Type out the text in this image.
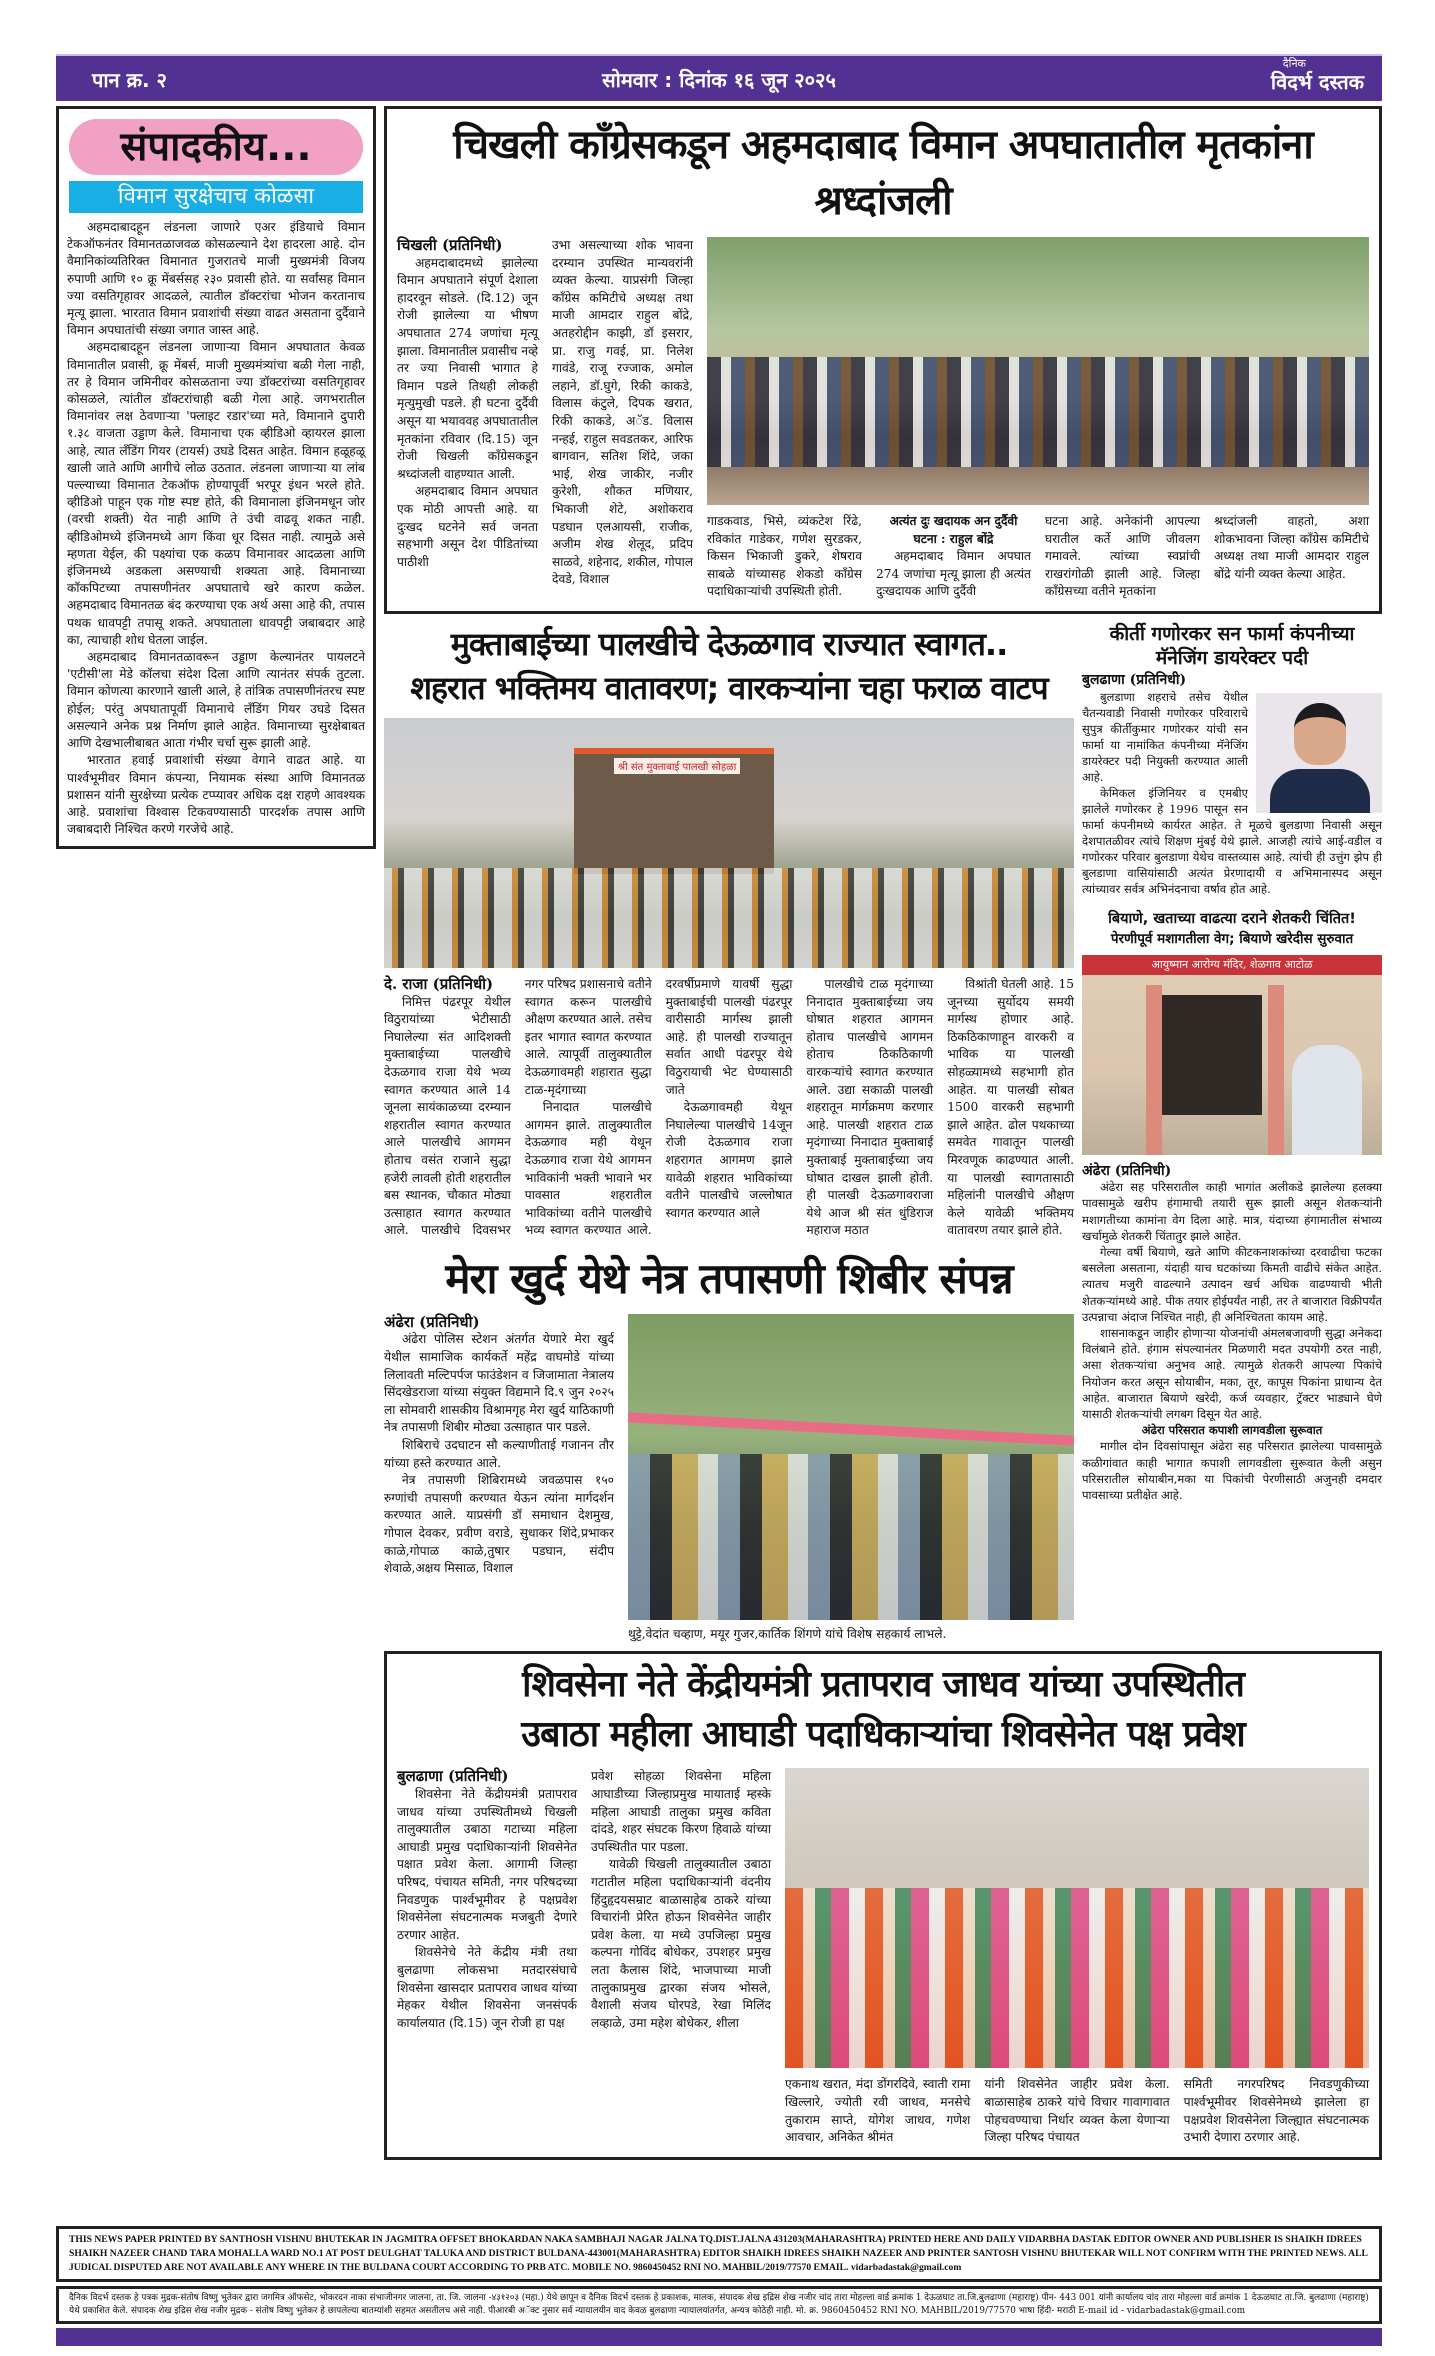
पान क्र. २	सोमवार : दिनांक १६ जून २०२५
दैनिक
विदर्भ दस्तक
संपादकीय...
विमान सुरक्षेचाच कोळसा

अहमदाबादहून लंडनला जाणारे एअर इंडियाचे विमान टेकऑफनंतर विमानतळाजवळ कोसळल्याने देश हादरला आहे. दोन वैमानिकांव्यतिरिक्त विमानात गुजरातचे माजी मुख्यमंत्री विजय रुपाणी आणि १० क्रू मेंबर्ससह २३० प्रवासी होते. या सर्वांसह विमान ज्या वसतिगृहावर आदळले, त्यातील डॉक्टरांचा भोजन करतानाच मृत्यू झाला. भारतात विमान प्रवाशांची संख्या वाढत असताना दुर्दैवाने विमान अपघातांची संख्या जगात जास्त आहे.

अहमदाबादहून लंडनला जाणाऱ्या विमान अपघातात केवळ विमानातील प्रवासी, क्रू मेंबर्स, माजी मुख्यमंत्र्यांचा बळी गेला नाही, तर हे विमान जमिनीवर कोसळताना ज्या डॉक्टरांच्या वसतिगृहावर कोसळले, त्यांतील डॉक्टरांचाही बळी गेला आहे. जगभरातील विमानांवर लक्ष ठेवणाऱ्या 'फ्लाइट रडार'च्या मते, विमानाने दुपारी १.३८ वाजता उड्डाण केले. विमानाचा एक व्हीडिओ व्हायरल झाला आहे, त्यात लँडिंग गियर (टायर्स) उघडे दिसत आहेत. विमान हळूहळू खाली जाते आणि आगीचे लोळ उठतात. लंडनला जाणाऱ्या या लांब पल्ल्याच्या विमानात टेकऑफ होण्यापूर्वी भरपूर इंधन भरले होते. व्हीडिओ पाहून एक गोष्ट स्पष्ट होते, की विमानाला इंजिनमधून जोर (वरची शक्ती) येत नाही आणि ते उंची वाढवू शकत नाही. व्हीडिओमध्ये इंजिनमध्ये आग किंवा धूर दिसत नाही. त्यामुळे असे म्हणता येईल, की पक्ष्यांचा एक कळप विमानावर आदळला आणि इंजिनमध्ये अडकला असण्याची शक्यता आहे. विमानाच्या कॉकपिटच्या तपासणीनंतर अपघाताचे खरे कारण कळेल. अहमदाबाद विमानतळ बंद करण्याचा एक अर्थ असा आहे की, तपास पथक धावपट्टी तपासू शकते. अपघाताला धावपट्टी जबाबदार आहे का, त्याचाही शोध घेतला जाईल.

अहमदाबाद विमानतळावरून उड्डाण केल्यानंतर पायलटने 'एटीसी'ला मेडे कॉलचा संदेश दिला आणि त्यानंतर संपर्क तुटला. विमान कोणत्या कारणाने खाली आले, हे तांत्रिक तपासणीनंतरच स्पष्ट होईल; परंतु अपघातापूर्वी विमानाचे लँडिंग गियर उघडे दिसत असल्याने अनेक प्रश्न निर्माण झाले आहेत. विमानाच्या सुरक्षेबाबत आणि देखभालीबाबत आता गंभीर चर्चा सुरू झाली आहे.

भारतात हवाई प्रवाशांची संख्या वेगाने वाढत आहे. या पार्श्वभूमीवर विमान कंपन्या, नियामक संस्था आणि विमानतळ प्रशासन यांनी सुरक्षेच्या प्रत्येक टप्प्यावर अधिक दक्ष राहणे आवश्यक आहे. प्रवाशांचा विश्वास टिकवण्यासाठी पारदर्शक तपास आणि जबाबदारी निश्चित करणे गरजेचे आहे.

चिखली काँग्रेसकडून अहमदाबाद विमान अपघातातील मृतकांना श्रध्दांजली
चिखली (प्रतिनिधी)

अहमदाबादमध्ये झालेल्या विमान अपघाताने संपूर्ण देशाला हादरवून सोडले. (दि.12) जून रोजी झालेल्या या भीषण अपघातात 274 जणांचा मृत्यू झाला. विमानातील प्रवासीच नव्हे तर ज्या निवासी भागात हे विमान पडले तिथही लोकही मृत्युमुखी पडले. ही घटना दुर्दैवी असून या भयाववह अपघातातील मृतकांना रविवार (दि.15) जून रोजी चिखली काँग्रेसकडून श्रध्दांजली वाहण्यात आली.

अहमदाबाद विमान अपघात एक मोठी आपत्ती आहे. या दुःखद घटनेने सर्व जनता सहभागी असून देश पीडितांच्या पाठीशी

उभा असल्याच्या शोक भावना दरम्यान उपस्थित मान्यवरांनी व्यक्त केल्या. याप्रसंगी जिल्हा काँग्रेस कमिटीचे अध्यक्ष तथा माजी आमदार राहुल बोंद्रे, अतहरोद्दीन काझी, डॉ इसरार, प्रा. राजु गवई, प्रा. निलेश गावंडे, राजू रज्जाक, अमोल लहाने, डॉ.घुगे, रिकी काकडे, विलास कंटुले, दिपक खरात, रिकी काकडे, अॅड. विलास नन्हई, राहुल सवडतकर, आरिफ बागवान, सतिश शिंदे, जका भाई, शेख जाकीर, नजीर कुरेशी, शौकत मणियार, भिकाजी शेटे, अशोकराव पडघान एलआयसी, राजीक, अजीम शेख शेलूद, प्रदिप साळवे, शहेनाद, शकील, गोपाल देवडे, विशाल

गाडकवाड, भिसे, व्यंकटेश रिंढे, रविकांत गाडेकर, गणेश सुरडकर, किसन भिकाजी डुकरे, शेषराव साबळे यांच्यासह शेकडो काँग्रेस पदाधिकाऱ्यांची उपस्थिती होती.

अत्यंत दुः खदायक अन दुर्दैवी घटना : राहुल बोंद्रे

अहमदाबाद विमान अपघात 274 जणांचा मृत्यू झाला ही अत्यंत दुःखदायक आणि दुर्दैवी

घटना आहे. अनेकांनी आपल्या घरातील कर्ते आणि जीवलग गमावले. त्यांच्या स्वप्नांची राखरांगोळी झाली आहे. जिल्हा काँग्रेसच्या वतीने मृतकांना

श्रध्दांजली वाहतो, अशा शोकभावना जिल्हा काँग्रेस कमिटीचे अध्यक्ष तथा माजी आमदार राहुल बोंद्रे यांनी व्यक्त केल्या आहेत.

मुक्ताबाईच्या पालखीचे देऊळगाव राज्यात स्वागत..
शहरात भक्तिमय वातावरण; वारकऱ्यांना चहा फराळ वाटप
श्री संत मुक्ताबाई पालखी सोहळा
दे. राजा (प्रतिनिधी)

निमित्त पंढरपूर येथील विठुरायांच्या भेटीसाठी निघालेल्या संत आदिशक्ती मुक्ताबाईच्या पालखीचे देऊळगाव राजा येथे भव्य स्वागत करण्यात आले 14 जूनला सायंकाळच्या दरम्यान शहरातील स्वागत करण्यात आले पालखीचे आगमन होताच वसंत राजाने सुद्धा हजेरी लावली होती शहरातील बस स्थानक, चौकात मोठ्या उत्साहात स्वागत करण्यात आले. पालखीचे दिवसभर नगर परिषद प्रशासनाचे वतीने स्वागत करून पालखीचे औक्षण करण्यात आले. तसेच इतर भागात स्वागत करण्यात आले. त्यापूर्वी तालुक्यातील देऊळगावमही शहारात सुद्धा टाळ-मृदंगाच्या

निनादात पालखीचे आगमन झाले. तालुक्यातील देऊळगाव मही येथून देऊळगाव राजा येथे आगमन भाविकांनी भक्ती भावाने भर पावसात शहरातील भाविकांच्या वतीने पालखीचे भव्य स्वागत करण्यात आले. दरवर्षीप्रमाणे यावर्षी सुद्धा मुक्ताबाईची पालखी पंढरपूर वारीसाठी मार्गस्थ झाली आहे. ही पालखी राज्यातून सर्वात आधी पंढरपूर येथे विठुरायाची भेट घेण्यासाठी जाते

देऊळगावमही येथून निघालेल्या पालखीचे 14जून रोजी देऊळगाव राजा शहरागत आगमण झाले यावेळी शहरात भाविकांच्या वतीने पालखीचे जल्लोषात स्वागत करण्यात आले

पालखीचे टाळ मृदंगाच्या निनादात मुक्ताबाईच्या जय घोषात शहरात आगमन होताच पालखीचे आगमन होताच ठिकठिकाणी वारकऱ्यांचे स्वागत करण्यात आले. उद्या सकाळी पालखी शहरातून मार्गक्रमण करणार आहे. पालखी शहरात टाळ मृदंगाच्या निनादात मुक्ताबाई मुक्ताबाई मुक्ताबाईच्या जय घोषात दाखल झाली होती. ही पालखी देऊळगावराजा येथे आज श्री संत धुंडिराज महाराज मठात

विश्रांती घेतली आहे. 15 जूनच्या सुर्योदय समयी मार्गस्थ होणार आहे. ठिकठिकाणाहून वारकरी व भाविक या पालखी सोहळ्यामध्ये सहभागी होत आहेत. या पालखी सोबत 1500 वारकरी सहभागी झाले आहेत. ढोल पथकाच्या समवेत गावातून पालखी मिरवणूक काढण्यात आली. या पालखी स्वागतासाठी महिलांनी पालखीचे औक्षण केले यावेळी भक्तिमय वातावरण तयार झाले होते.

मेरा खुर्द येथे नेत्र तपासणी शिबीर संपन्न
अंढेरा (प्रतिनिधी)

अंढेरा पोलिस स्टेशन अंतर्गत येणारे मेरा खुर्द येथील सामाजिक कार्यकर्ते महेंद्र वाघमोडे यांच्या लिलावती मल्टिपर्पज फाउंडेशन व जिजामाता नेत्रालय सिंदखेडराजा यांच्या संयुक्त विद्यमाने दि.९ जुन २०२५ ला सोमवारी शासकीय विश्रामगृह मेरा खुर्द याठिकाणी नेत्र तपासणी शिबीर मोठ्या उत्साहात पार पडले.

शिबिराचे उदघाटन सौ कल्याणीताई गजानन तौर यांच्या हस्ते करण्यात आले.

नेत्र तपासणी शिबिरामध्ये जवळपास १५० रुग्णांची तपासणी करण्यात येऊन त्यांना मार्गदर्शन करण्यात आले. याप्रसंगी डॉ समाधान देशमुख, गोपाल देवकर, प्रवीण वराडे, सुधाकर शिंदे,प्रभाकर काळे,गोपाळ काळे,तुषार पडघान, संदीप शेवाळे,अक्षय मिसाळ, विशाल

थुट्टे,वेदांत चव्हाण, मयूर गुजर,कार्तिक शिंगणे यांचे विशेष सहकार्य लाभले.
कीर्ती गणोरकर सन फार्मा कंपनीच्या
मॅनेजिंग डायरेक्टर पदी
बुलढाणा (प्रतिनिधी)

बुलडाणा शहराचे तसेच येथील चैतन्यवाडी निवासी गणोरकर परिवाराचे सुपुत्र कीर्तीकुमार गणोरकर यांची सन फार्मा या नामांकित कंपनीच्या मॅनेजिंग डायरेक्टर पदी नियुक्ती करण्यात आली आहे.

केमिकल इंजिनियर व एमबीए झालेले गणोरकर हे 1996 पासून सन फार्मा कंपनीमध्ये कार्यरत आहेत. ते मूळचे बुलडाणा निवासी असून देशपातळीवर त्यांचे शिक्षण मुंबई येथे झाले. आजही त्यांचे आई-वडील व गणोरकर परिवार बुलडाणा येथेच वास्तव्यास आहे. त्यांची ही उत्तुंग झेप ही बुलडाणा वासियांसाठी अत्यंत प्रेरणादायी व अभिमानास्पद असून त्यांच्यावर सर्वत्र अभिनंदनाचा वर्षाव होत आहे.

बियाणे, खताच्या वाढत्या दराने शेतकरी चिंतित!
पेरणीपूर्व मशागतीला वेग; बियाणे खरेदीस सुरुवात
आयुष्मान आरोग्य मंदिर, शेळगाव आटोळ
अंढेरा (प्रतिनिधी)

अंढेरा सह परिसरातील काही भागांत अलीकडे झालेल्या हलक्या पावसामुळे खरीप हंगामाची तयारी सुरू झाली असून शेतकऱ्यांनी मशागतीच्या कामांना वेग दिला आहे. मात्र, यंदाच्या हंगामातील संभाव्य खर्चामुळे शेतकरी चिंतातुर झाले आहेत.

गेल्या वर्षी बियाणे, खते आणि कीटकनाशकांच्या दरवाढीचा फटका बसलेला असताना, यंदाही याच घटकांच्या किमती वाढीचे संकेत आहेत. त्यातच मजुरी वाढल्याने उत्पादन खर्च अधिक वाढण्याची भीती शेतकऱ्यांमध्ये आहे. पीक तयार होईपर्यंत नाही, तर ते बाजारात विक्रीपर्यंत उत्पन्नाचा अंदाज निश्चित नाही, ही अनिश्चितता कायम आहे.

शासनाकडून जाहीर होणाऱ्या योजनांची अंमलबजावणी सुद्धा अनेकदा विलंबाने होते. हंगाम संपल्यानंतर मिळणारी मदत उपयोगी ठरत नाही, असा शेतकऱ्यांचा अनुभव आहे. त्यामुळे शेतकरी आपल्या पिकांचे नियोजन करत असून सोयाबीन, मका, तूर, कापूस पिकांना प्राधान्य देत आहेत. बाजारात बियाणे खरेदी, कर्ज व्यवहार, ट्रॅक्टर भाड्याने घेणे यासाठी शेतकऱ्यांची लगबग दिसून येत आहे.

अंढेरा परिसरात कपाशी लागवडीला सुरूवात

मागील दोन दिवसांपासून अंढेरा सह परिसरात झालेल्या पावसामुळे कळीगांवात काही भागात कपाशी लागवडीला सुरूवात केली असुन परिसरातील सोयाबीन,मका या पिकांची पेरणीसाठी अजुनही दमदार पावसाच्या प्रतीक्षेत आहे.

शिवसेना नेते केंद्रीयमंत्री प्रतापराव जाधव यांच्या उपस्थितीत
उबाठा महीला आघाडी पदाधिकाऱ्यांचा शिवसेनेत पक्ष प्रवेश
बुलढाणा (प्रतिनिधी)

शिवसेना नेते केंद्रीयमंत्री प्रतापराव जाधव यांच्या उपस्थितीमध्ये चिखली तालुक्यातील उबाठा गटाच्या महिला आघाडी प्रमुख पदाधिकाऱ्यांनी शिवसेनेत पक्षात प्रवेश केला. आगामी जिल्हा परिषद, पंचायत समिती, नगर परिषदच्या निवडणुक पार्श्वभूमीवर हे पक्षप्रवेश शिवसेनेला संघटनात्मक मजबुती देणारे ठरणार आहेत.

शिवसेनेचे नेते केंद्रीय मंत्री तथा बुलढाणा लोकसभा मतदारसंघाचे शिवसेना खासदार प्रतापराव जाधव यांच्या मेहकर येथील शिवसेना जनसंपर्क कार्यालयात (दि.15) जून रोजी हा पक्ष

प्रवेश सोहळा शिवसेना महिला आघाडीच्या जिल्हाप्रमुख मायाताई म्हस्के महिला आघाडी तालुका प्रमुख कविता दांदडे, शहर संघटक किरण हिवाळे यांच्या उपस्थितीत पार पडला.

यावेळी चिखली तालुक्यातील उबाठा गटातील महिला पदाधिकाऱ्यांनी वंदनीय हिंदुहृदयसम्राट बाळासाहेब ठाकरे यांच्या विचारांनी प्रेरित होऊन शिवसेनेत जाहीर प्रवेश केला. या मध्ये उपजिल्हा प्रमुख कल्पना गोविंद बोधेकर, उपशहर प्रमुख लता कैलास शिंदे, भाजपाच्या माजी तालुकाप्रमुख द्वारका संजय भोसले, वैशाली संजय घोरपडे, रेखा मिलिंद लव्हाळे, उमा महेश बोधेकर, शीला

एकनाथ खरात, मंदा डोंगरदिवे, स्वाती रामा खिल्लारे, ज्योती रवी जाधव, मनसेचे तुकाराम साप्ते, योगेश जाधव, गणेश आवचार, अनिकेत श्रीमंत

यांनी शिवसेनेत जाहीर प्रवेश केला. बाळासाहेब ठाकरे यांचे विचार गावागावात पोहचवण्याचा निर्धार व्यक्त केला येणाऱ्या जिल्हा परिषद पंचायत

समिती नगरपरिषद निवडणुकीच्या पार्श्वभूमीवर शिवसेनेमध्ये झालेला हा पक्षप्रवेश शिवसेनेला जिल्ह्यात संघटनात्मक उभारी देणारा ठरणार आहे.

THIS NEWS PAPER PRINTED BY SANTHOSH VISHNU BHUTEKAR IN JAGMITRA OFFSET BHOKARDAN NAKA SAMBHAJI NAGAR JALNA TQ.DIST.JALNA 431203(MAHARASHTRA) PRINTED HERE AND DAILY VIDARBHA DASTAK EDITOR OWNER AND PUBLISHER IS SHAIKH IDREES SHAIKH NAZEER CHAND TARA MOHALLA WARD NO.1 AT POST DEULGHAT TALUKA AND DISTRICT BULDANA-443001(MAHARASHTRA) EDITOR SHAIKH IDREES SHAIKH NAZEER AND PRINTER SANTOSH VISHNU BHUTEKAR WILL NOT CONFIRM WITH THE PRINTED NEWS. ALL JUDICAL DISPUTED ARE NOT AVAILABLE ANY WHERE IN THE BULDANA COURT ACCORDING TO PRB ATC. MOBILE NO. 9860450452 RNI NO. MAHBIL/2019/77570 EMAIL. vidarbadastak@gmail.com
दैनिक विदर्भ दस्तक हे पत्रक मुद्रक-संतोष विष्णु भुतेकर द्वारा जगमित्र ऑफसेट, भोकरदन नाका संभाजीनगर जालना, ता. जि. जालना -४३१२०३ (महा.) येथे छापून व दैनिक विदर्भ दस्तक हे प्रकाशक, मालक, संपादक शेख इद्रिस शेख नजीर चांद तारा मोहल्ला वार्ड क्रमांक 1 देऊळघाट ता.जि.बुलढाणा (महाराष्ट्र) पीन- 443 001 यांनी कार्यालय चांद तारा मोहल्ला वार्ड क्रमांक 1 देऊळघाट ता.जि. बुलढाणा (महाराष्ट्र) येथे प्रकाशित केले. संपादक शेख इद्रिस शेख नजीर मुद्रक - संतोष विष्णु भुतेकर हे छापलेल्या बातम्यांशी सहमत असतीलच असे नाही. पीआरबी अॅक्ट नुसार सर्व न्यायालयीन वाद केवळ बुलढाणा न्यायालयांतर्गत, अन्यत्र कोठेही नाही. मो. क्र. 9860450452 RNI NO. MAHBIL/2019/77570 भाषा हिंदी- मराठी E-mail id - vidarbadastak@gmail.com
